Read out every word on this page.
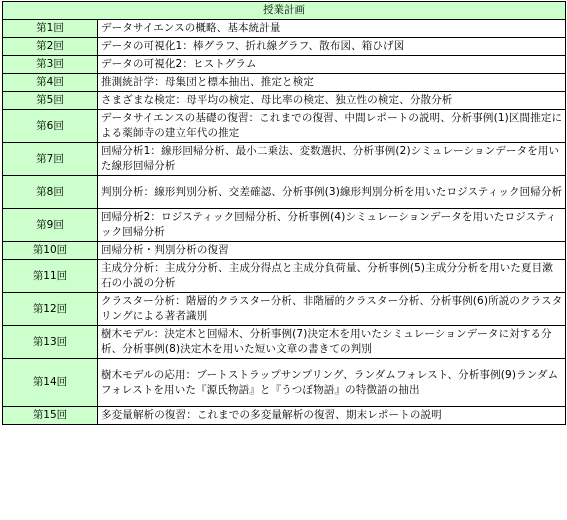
授業計画	
第1回	データサイエンスの概略、基本統計量
第2回	データの可視化1：棒グラフ、折れ線グラフ、散布図、箱ひげ図
第3回	データの可視化2：ヒストグラム
第4回	推測統計学：母集団と標本抽出、推定と検定
第5回	さまざまな検定：母平均の検定、母比率の検定、独立性の検定、分散分析
第6回	データサイエンスの基礎の復習：これまでの復習、中間レポートの説明、分析事例(1)区間推定による薬師寺の建立年代の推定
第7回	回帰分析1：線形回帰分析、最小二乗法、変数選択、分析事例(2)シミュレーションデータを用いた線形回帰分析
第8回	判別分析：線形判別分析、交差確認、分析事例(3)線形判別分析を用いたロジスティック回帰分析
第9回	回帰分析2：ロジスティック回帰分析、分析事例(4)シミュレーションデータを用いたロジスティック回帰分析
第10回	回帰分析・判別分析の復習
第11回	主成分分析：主成分分析、主成分得点と主成分負荷量、分析事例(5)主成分分析を用いた夏目漱石の小説の分析
第12回	クラスター分析：階層的クラスター分析、非階層的クラスター分析、分析事例(6)所説のクラスタリングによる著者識別
第13回	樹木モデル：決定木と回帰木、分析事例(7)決定木を用いたシミュレーションデータに対する分析、分析事例(8)決定木を用いた短い文章の書きての判別
第14回	樹木モデルの応用：ブートストラップサンプリング、ランダムフォレスト、分析事例(9)ランダムフォレストを用いた『源氏物語』と『うつぼ物語』の特徴語の抽出
第15回	多変量解析の復習：これまでの多変量解析の復習、期末レポートの説明
